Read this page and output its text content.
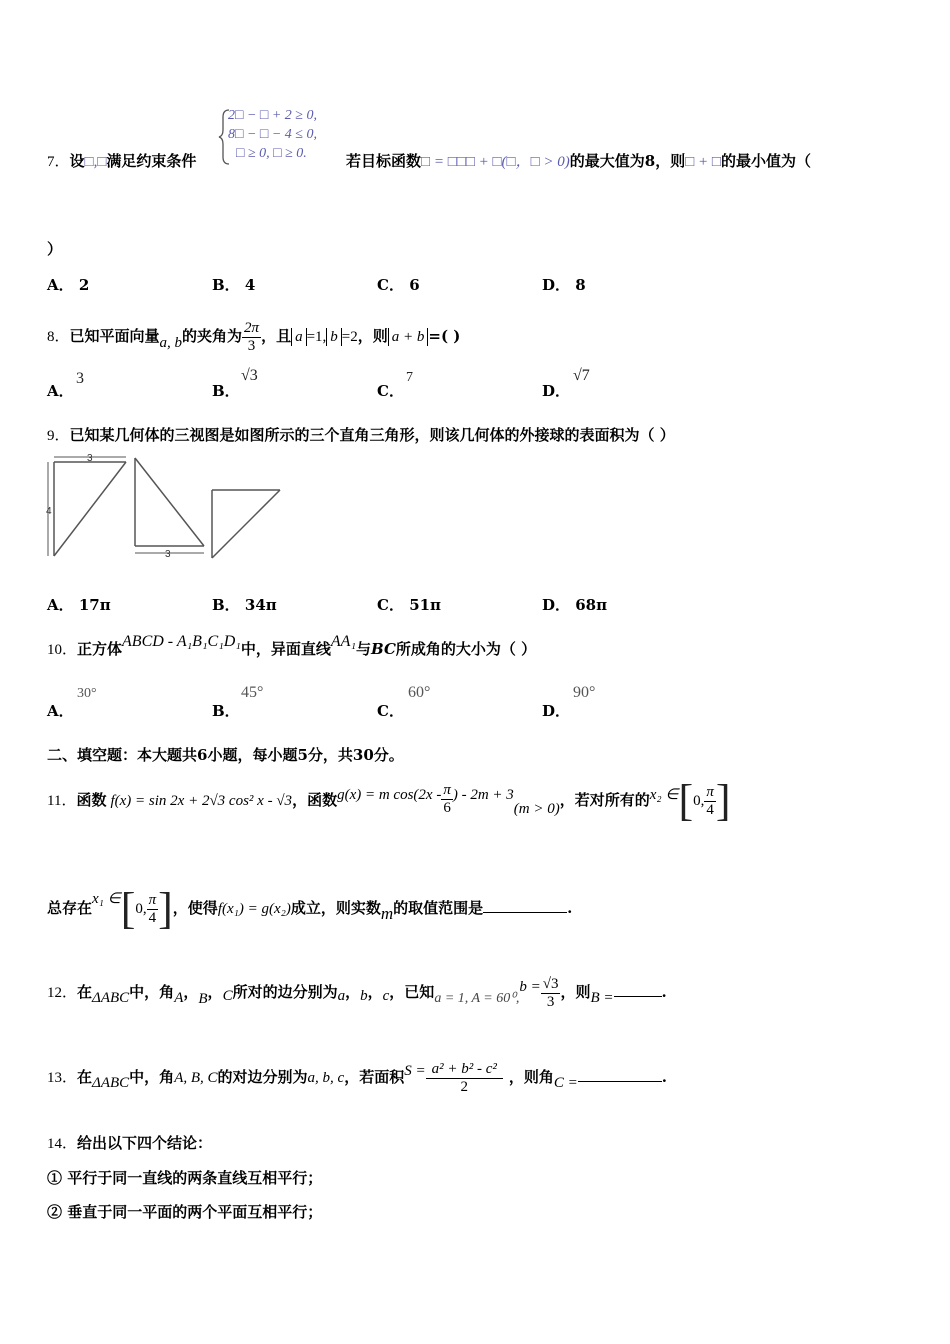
2□ − □ + 2 ≥ 0,
8□ − □ − 4 ≤ 0,
□ ≥ 0, □ ≥ 0.
7．设□,□满足约束条件	若目标函数□ = □□□ + □(□，□ > 0)的最大值为8，则□ + □的最小值为（
）
A． 2	B． 4	C． 6	D． 8
8．已知平面向量a, b的夹角为 $\frac{2\pi}{3}$ ，且 a =1, b =2，则 a + b =( )
A．
3
B．
√3
C．
7
D．
√7
9．已知某几何体的三视图是如图所示的三个直角三角形，则该几何体的外接球的表面积为（ ）
3
4
3
A． 17π	B． 34π	C． 51π	D． 68π
10．正方体ABCD - A₁B₁C₁D₁中，异面直线AA₁与BC所成角的大小为（ ）
A．
30°
B．
45°
C．
60°
D．
90°
二、填空题：本大题共6小题，每小题5分，共30分。
11．函数 f(x) = sin 2x + 2√3 cos² x - √3，函数g(x) = m $\cos(2x - \frac{\pi}{6}$ ) - 2m + 3(m > 0)，若对所有的x₂ ∈[0, $\frac{\pi}{4}$ ]
总存在x₁ ∈[0, $\frac{\pi}{4}$ ]，使得f(x₁) = g(x₂)成立，则实数m的取值范围是	.
12．在ΔABC中，角A，B，C所对的边分别为a，b，c，已知a = 1, $A = 60^0,b = \frac{√3}{3}$ ，则B =	.
13．在ΔABC中，角A, B, C的对边分别为a, b, c，若面积$S = \frac{\text{a² + b² - c²}}{2}$ ，则角C =	.
14．给出以下四个结论：
① 平行于同一直线的两条直线互相平行；
② 垂直于同一平面的两个平面互相平行；
